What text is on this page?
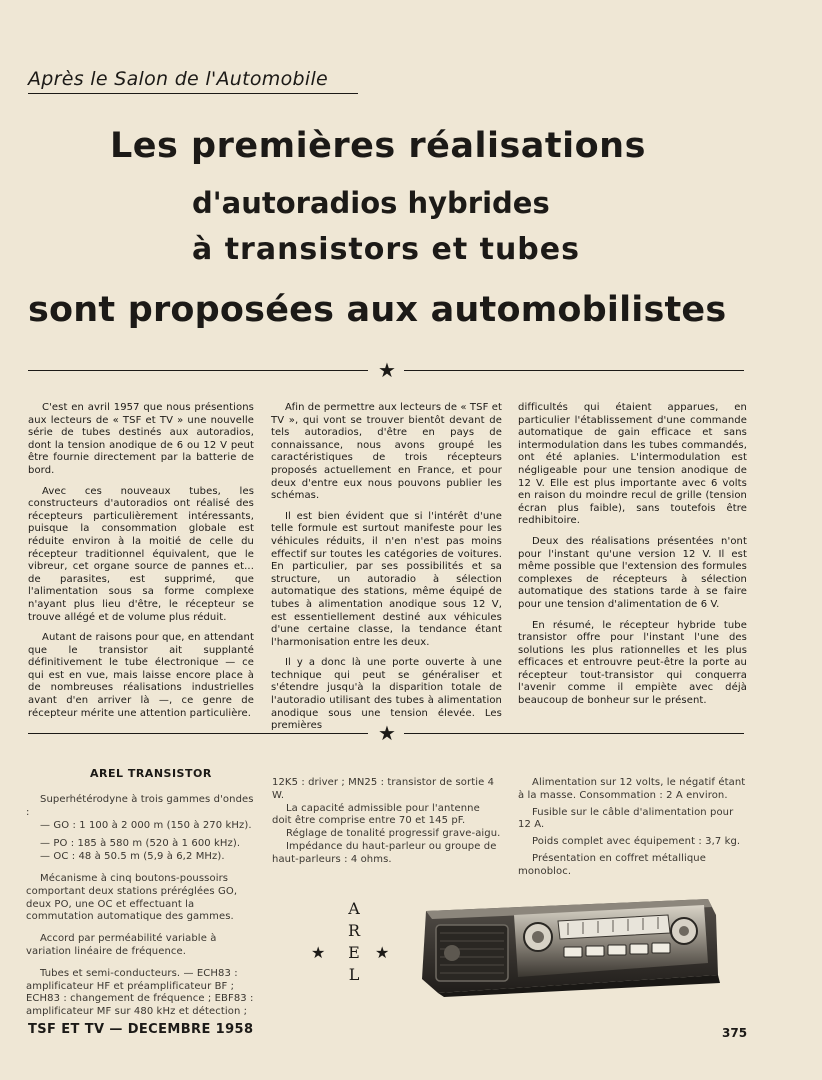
Après le Salon de l'Automobile
Les premières réalisations
d'autoradios hybrides
à transistors et tubes
sont proposées aux automobilistes
★

C'est en avril 1957 que nous présentions aux lecteurs de « TSF et TV » une nouvelle série de tubes destinés aux autoradios, dont la tension anodique de 6 ou 12 V peut être fournie directement par la batterie de bord.

Avec ces nouveaux tubes, les constructeurs d'autoradios ont réalisé des récepteurs particulièrement intéressants, puisque la consommation globale est réduite environ à la moitié de celle du récepteur traditionnel équivalent, que le vibreur, cet organe source de pannes et... de parasites, est supprimé, que l'alimentation sous sa forme complexe n'ayant plus lieu d'être, le récepteur se trouve allégé et de volume plus réduit.

Autant de raisons pour que, en attendant que le transistor ait supplanté définitivement le tube électronique — ce qui est en vue, mais laisse encore place à de nombreuses réalisations industrielles avant d'en arriver là —, ce genre de récepteur mérite une attention particulière.

Afin de permettre aux lecteurs de « TSF et TV », qui vont se trouver bientôt devant de tels autoradios, d'être en pays de connaissance, nous avons groupé les caractéristiques de trois récepteurs proposés actuellement en France, et pour deux d'entre eux nous pouvons publier les schémas.

Il est bien évident que si l'intérêt d'une telle formule est surtout manifeste pour les véhicules réduits, il n'en n'est pas moins effectif sur toutes les catégories de voitures. En particulier, par ses possibilités et sa structure, un autoradio à sélection automatique des stations, même équipé de tubes à alimentation anodique sous 12 V, est essentiellement destiné aux véhicules d'une certaine classe, la tendance étant l'harmonisation entre les deux.

Il y a donc là une porte ouverte à une technique qui peut se généraliser et s'étendre jusqu'à la disparition totale de l'autoradio utilisant des tubes à alimentation anodique sous une tension élevée. Les premières

difficultés qui étaient apparues, en particulier l'établissement d'une commande automatique de gain efficace et sans intermodulation dans les tubes commandés, ont été aplanies. L'intermodulation est négligeable pour une tension anodique de 12 V. Elle est plus importante avec 6 volts en raison du moindre recul de grille (tension écran plus faible), sans toutefois être redhibitoire.

Deux des réalisations présentées n'ont pour l'instant qu'une version 12 V. Il est même possible que l'extension des formules complexes de récepteurs à sélection automatique des stations tarde à se faire pour une tension d'alimentation de 6 V.

En résumé, le récepteur hybride tube transistor offre pour l'instant l'une des solutions les plus rationnelles et les plus efficaces et entrouvre peut-être la porte au récepteur tout-transistor qui conquerra l'avenir comme il empiète avec déjà beaucoup de bonheur sur le présent.

★
AREL TRANSISTOR

Superhétérodyne à trois gammes d'ondes :

— GO : 1 100 à 2 000 m (150 à 270 kHz).

— PO : 185 à 580 m (520 à 1 600 kHz).

— OC : 48 à 50.5 m (5,9 à 6,2 MHz).

Mécanisme à cinq boutons-poussoirs comportant deux stations préréglées GO, deux PO, une OC et effectuant la commutation automatique des gammes.

Accord par perméabilité variable à variation linéaire de fréquence.

Tubes et semi-conducteurs. — ECH83 : amplificateur HF et préamplificateur BF ; ECH83 : changement de fréquence ; EBF83 : amplificateur MF sur 480 kHz et détection ;

12K5 : driver ; MN25 : transistor de sortie 4 W.

La capacité admissible pour l'antenne doit être comprise entre 70 et 145 pF.

Réglage de tonalité progressif grave-aigu.

Impédance du haut-parleur ou groupe de haut-parleurs : 4 ohms.

Alimentation sur 12 volts, le négatif étant à la masse. Consommation : 2 A environ.

Fusible sur le câble d'alimentation pour 12 A.

Poids complet avec équipement : 3,7 kg.

Présentation en coffret métallique monobloc.

A
R
E
L
★	★
TSF ET TV — DECEMBRE 1958	375
